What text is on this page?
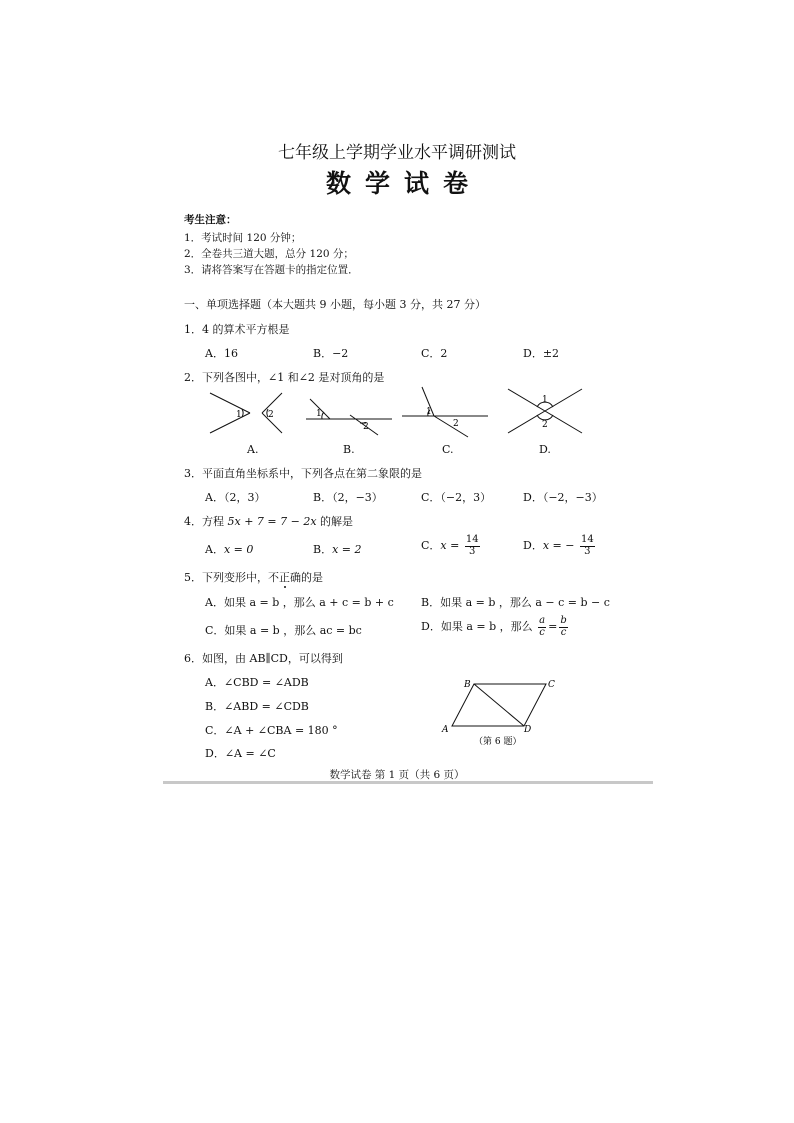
七年级上学期学业水平调研测试
数学试卷
考生注意：
1．考试时间 120 分钟；
2．全卷共三道大题，总分 120 分；
3．请将答案写在答题卡的指定位置．
一、单项选择题（本大题共 9 小题，每小题 3 分，共 27 分）
1．4 的算术平方根是
A．16	B．−2	C．2	D．±2
2．下列各图中，∠1 和∠2 是对顶角的是
1	2	1
2
1
2
1
2
A.	B.	C.	D.
3．平面直角坐标系中，下列各点在第二象限的是
A．（2，3）	B．（2，−3）	C．（−2，3）	D．（−2，−3）
4．方程 5x + 7 = 7 − 2x 的解是
A．x = 0	B．x = 2	C．$x = \frac{14}{3}$	D．x = − $\frac{14}{3}$
5．下列变形中，不正确的是
A．如果 a = b ，那么 a + c = b + c B．如果 a = b ，那么 a − c = b − c
C．如果 a = b ，那么 ac = bc	D．如果 a = b ，那么 $\frac{a}{c} = \frac{b}{c}$
6．如图，由 AB∥CD，可以得到
A．∠CBD = ∠ADB
B．∠ABD = ∠CDB
C．∠A + ∠CBA = 180 °
D．∠A = ∠C
B	C
A	D
（第 6 题）
数学试卷 第 1 页（共 6 页）
